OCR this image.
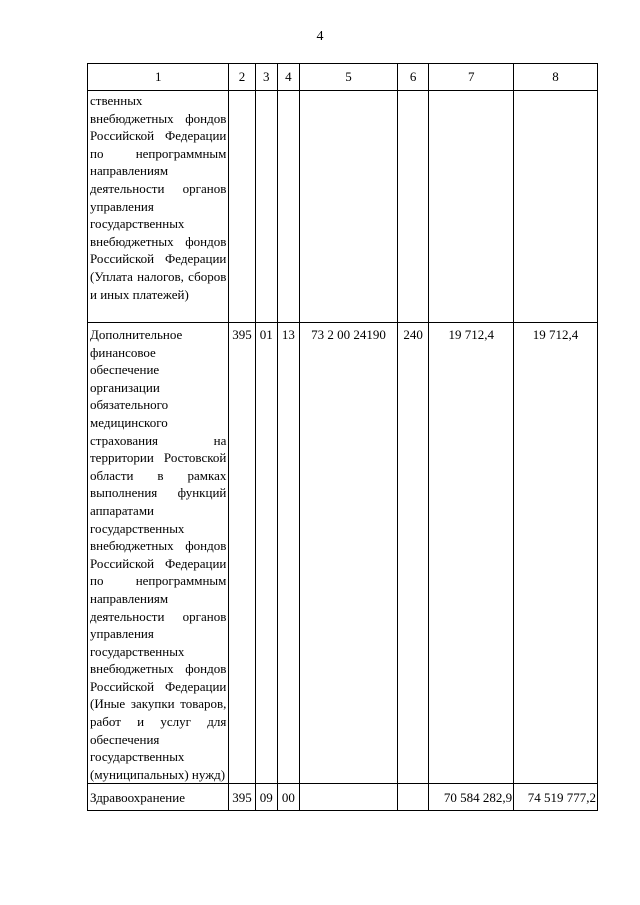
4
1	2	3	4	5	6	7	8
ственных внебюджетных фондов Российской Федерации по непрограммным направлениям деятельности органов управления государственных внебюджетных фондов Российской Федерации (Уплата налогов, сборов и иных платежей)							
Дополнительное финансовое обеспечение организации обязательного медицинского страхования на территории Ростовской области в рамках выполнения функций аппаратами государственных внебюджетных фондов Российской Федерации по непрограммным направлениям деятельности органов управления государственных внебюджетных фондов Российской Федерации (Иные закупки товаров, работ и услуг для обеспечения государственных (муниципальных) нужд)	395	01	13	73 2 00 24190	240	19 712,4	19 712,4
Здравоохранение	395	09	00			70 584 282,9	74 519 777,2
